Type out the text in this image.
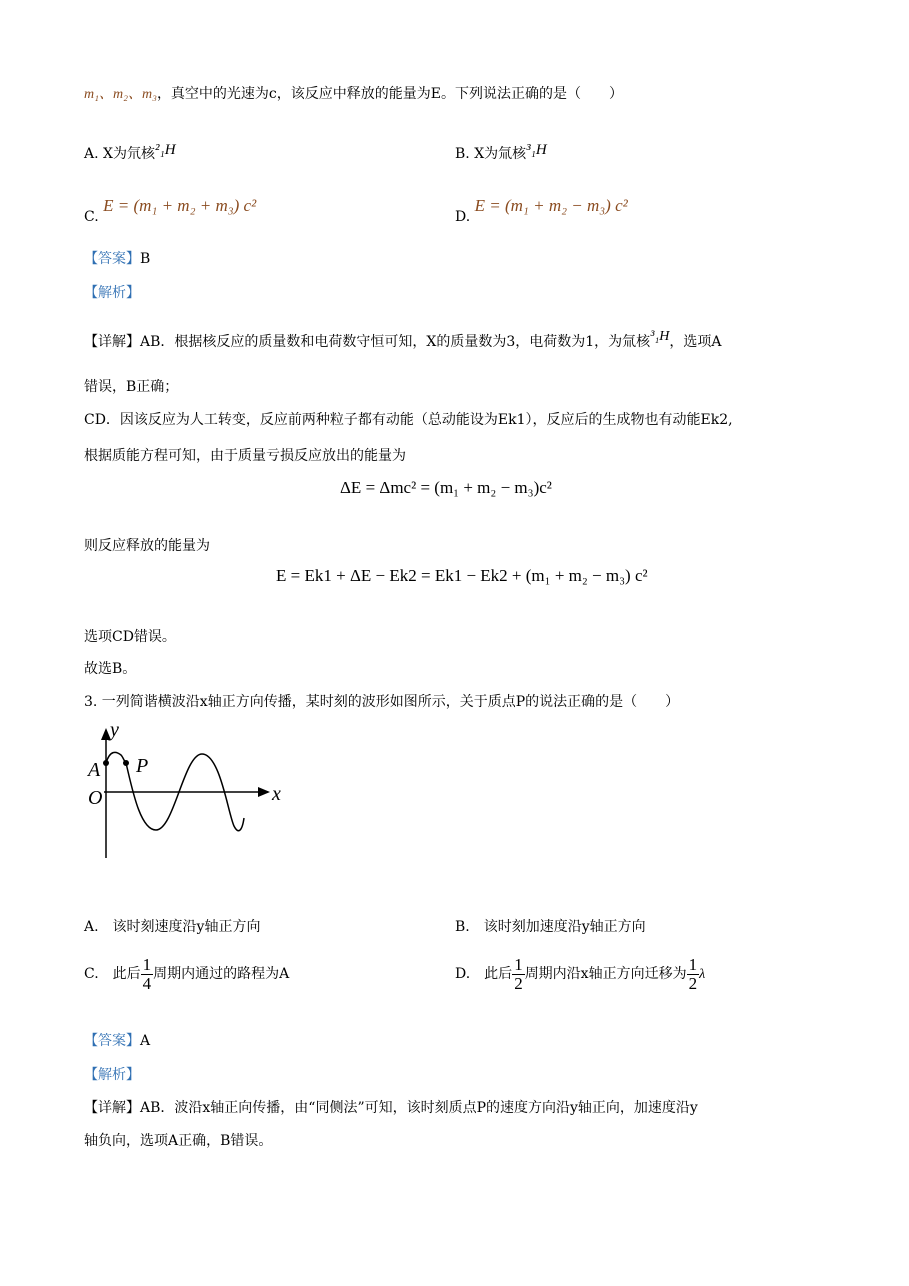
m₁、m₂、m₃，真空中的光速为c，该反应中释放的能量为E。下列说法正确的是（　　）
A. X为氘核²₁H	B. X为氚核³₁H
C. E = (m₁ + m₂ + m₃) c²
D. E = (m₁ + m₂ − m₃) c²
【答案】B
【解析】
【详解】AB．根据核反应的质量数和电荷数守恒可知，X的质量数为3，电荷数为1，为氚核³₁H，选项A
错误，B正确；
CD．因该反应为人工转变，反应前两种粒子都有动能（总动能设为Ek1），反应后的生成物也有动能Ek2,
根据质能方程可知，由于质量亏损反应放出的能量为
ΔE = Δmc² = (m₁ + m₂ − m₃)c²
则反应释放的能量为
E = Ek1 + ΔE − Ek2 = Ek1 − Ek2 + (m₁ + m₂ − m₃) c²
选项CD错误。
故选B。
3. 一列简谐横波沿x轴正方向传播，某时刻的波形如图所示，关于质点P的说法正确的是（　　）
y
x
A
O
P
A.　该时刻速度沿y轴正方向	B.　该时刻加速度沿y轴正方向
C.　此后 $\frac{1}{4}$ 周期内通过的路程为A	D.　此后 $\frac{1}{2}$ 周期内沿x轴正方向迁移为 $\frac{1}{2}$ λ
【答案】A
【解析】
【详解】AB．波沿x轴正向传播，由“同侧法”可知，该时刻质点P的速度方向沿y轴正向，加速度沿y
轴负向，选项A正确，B错误。
